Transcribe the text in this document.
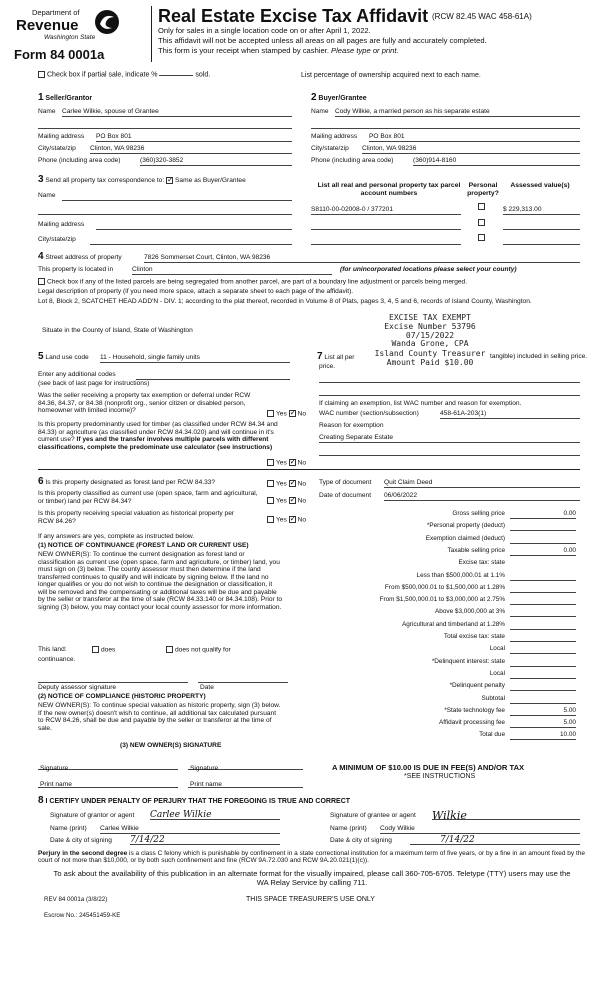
Department of
Revenue
Washington State
Form 84 0001a
Real Estate Excise Tax Affidavit (RCW 82.45 WAC 458-61A)
Only for sales in a single location code on or after April 1, 2022.
This affidavit will not be accepted unless all areas on all pages are fully and accurately completed.
This form is your receipt when stamped by cashier. Please type or print.
Check box if partial sale, indicate %	sold.	List percentage of ownership acquired next to each name.
1 Seller/Grantor
Name Carlee Wilkie, spouse of Grantee
Mailing address PO Box 801
City/state/zip Clinton, WA 98236
Phone (including area code)	(360)320-3852
2 Buyer/Grantee
Name Cody Wilkie, a married person as his separate estate
Mailing address PO Box 801
City/state/zip Clinton, WA 98236
Phone (including area code)	(360)914-8160
3 Send all property tax correspondence to: ✓ Same as Buyer/Grantee
Name
Mailing address
City/state/zip
List all real and personal property tax parcel account numbers
Personal property?
Assessed value(s)
S8110-00-02008-0 / 377201	$ 229,313.00
4 Street address of property	7826 Sommerset Court, Clinton, WA 98236
This property is located in	Clinton	(for unincorporated locations please select your county)
Check box if any of the listed parcels are being segregated from another parcel, are part of a boundary line adjustment or parcels being merged.
Legal description of property (if you need more space, attach a separate sheet to each page of the affidavit).
Lot 8, Block 2, SCATCHET HEAD ADD'N - DIV. 1; according to the plat thereof, recorded in Volume 8 of Plats, pages 3, 4, 5 and 6, records of Island County, Washington.
Situate in the County of Island, State of Washington
EXCISE TAX EXEMPT
Excise Number 53796
07/15/2022
Wanda Grone, CPA
5 Land use code 11 - Household, single family units
Enter any additional codes
(see back of last page for instructions)
Was the seller receiving a property tax exemption or deferral under RCW 84.36, 84.37, or 84.38 (nonprofit org., senior citizen or disabled person, homeowner with limited income)?	Yes ✓ No
Is this property predominantly used for timber (as classified under RCW 84.34 and 84.33) or agriculture (as classified under RCW 84.34.020) and will continue in it's current use? If yes and the transfer involves multiple parcels with different classifications, complete the predominate use calculator (see instructions)
Yes ✓ No
7 List all per	Island County Treasurer
Amount Paid $10.00
tangible) included in selling price.
price.
If claiming an exemption, list WAC number and reason for exemption.
WAC number (section/subsection)	458-61A-203(1)
Reason for exemption
Creating Separate Estate
Type of document Quit Claim Deed
Date of document 06/06/2022
6 Is this property designated as forest land per RCW 84.33?	Yes ✓ No
Is this property classified as current use (open space, farm and agricultural, or timber) land per RCW 84.34?	Yes ✓ No
Is this property receiving special valuation as historical property per RCW 84.26?	Yes ✓ No
If any answers are yes, complete as instructed below.
(1) NOTICE OF CONTINUANCE (FOREST LAND OR CURRENT USE)
NEW OWNER(S): To continue the current designation as forest land or classification as current use (open space, farm and agriculture, or timber) land, you must sign on (3) below. The county assessor must then determine if the land transferred continues to qualify and will indicate by signing below. If the land no longer qualifies or you do not wish to continue the designation or classification, it will be removed and the compensating or additional taxes will be due and payable by the seller or transferor at the time of sale (RCW 84.33.140 or 84.34.108). Prior to signing (3) below, you may contact your local county assessor for more information.
This land:	does	does not qualify for
continuance.
Deputy assessor signature	Date
(2) NOTICE OF COMPLIANCE (HISTORIC PROPERTY)
NEW OWNER(S): To continue special valuation as historic property, sign (3) below. If the new owner(s) doesn't wish to continue, all additional tax calculated pursuant to RCW 84.26, shall be due and payable by the seller or transferor at the time of sale.
(3) NEW OWNER(S) SIGNATURE
Signature	Signature
Print name	Print name
Gross selling price	0.00
*Personal property (deduct)
Exemption claimed (deduct)
Taxable selling price	0.00
Excise tax: state
Less than $500,000.01 at 1.1%
From $500,000.01 to $1,500,000 at 1.28%
From $1,500,000.01 to $3,000,000 at 2.75%
Above $3,000,000 at 3%
Agricultural and timberland at 1.28%
Total excise tax: state
Local
*Delinquent interest: state
Local
*Delinquent penalty
Subtotal
*State technology fee	5.00
Affidavit processing fee	5.00
Total due	10.00
A MINIMUM OF $10.00 IS DUE IN FEE(S) AND/OR TAX
*SEE INSTRUCTIONS
8 I CERTIFY UNDER PENALTY OF PERJURY THAT THE FOREGOING IS TRUE AND CORRECT
Signature of grantor or agent Carlee Wilkie
Name (print) Carlee Wilkie
Date & city of signing 7/14/22
Signature of grantee or agent Wilkie
Name (print) Cody Wilkie
Date & city of signing	7/14/22
Perjury in the second degree is a class C felony which is punishable by confinement in a state correctional institution for a maximum term of five years, or by a fine in an amount fixed by the court of not more than $10,000, or by both such confinement and fine (RCW 9A.72.030 and RCW 9A.20.021(1)(c)).
To ask about the availability of this publication in an alternate format for the visually impaired, please call 360-705-6705. Teletype (TTY) users may use the WA Relay Service by calling 711.
REV 84 0001a (3/8/22)	THIS SPACE TREASURER'S USE ONLY
Escrow No.: 245451459-KE
